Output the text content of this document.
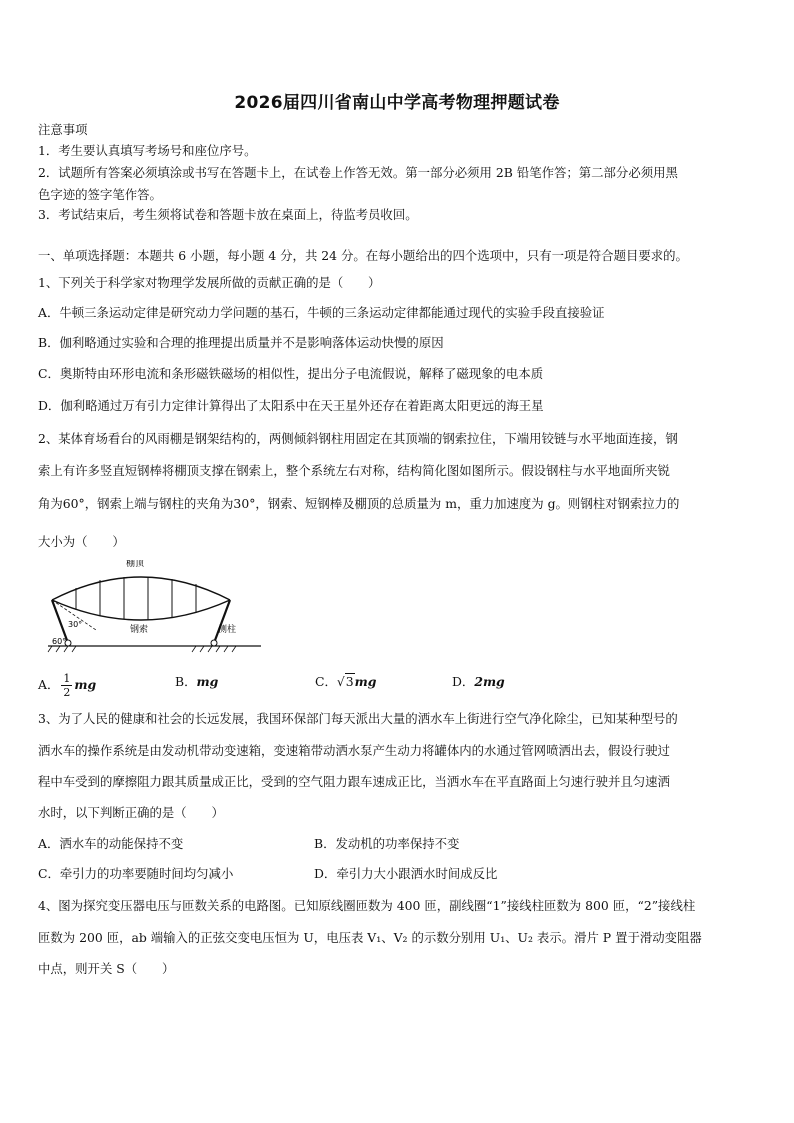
2026届四川省南山中学高考物理押题试卷
注意事项
1．考生要认真填写考场号和座位序号。
2．试题所有答案必须填涂或书写在答题卡上，在试卷上作答无效。第一部分必须用 2B 铅笔作答；第二部分必须用黑
色字迹的签字笔作答。
3．考试结束后，考生须将试卷和答题卡放在桌面上，待监考员收回。
一、单项选择题：本题共 6 小题，每小题 4 分，共 24 分。在每小题给出的四个选项中，只有一项是符合题目要求的。
1、下列关于科学家对物理学发展所做的贡献正确的是（　　）
A．牛顿三条运动定律是研究动力学问题的基石，牛顿的三条运动定律都能通过现代的实验手段直接验证
B．伽利略通过实验和合理的推理提出质量并不是影响落体运动快慢的原因
C．奥斯特由环形电流和条形磁铁磁场的相似性，提出分子电流假说，解释了磁现象的电本质
D．伽利略通过万有引力定律计算得出了太阳系中在天王星外还存在着距离太阳更远的海王星
2、某体育场看台的风雨棚是钢架结构的，两侧倾斜钢柱用固定在其顶端的钢索拉住，下端用铰链与水平地面连接，钢
索上有许多竖直短钢棒将棚顶支撑在钢索上，整个系统左右对称，结构简化图如图所示。假设钢柱与水平地面所夹锐
角为60°，钢索上端与钢柱的夹角为30°，钢索、短钢棒及棚顶的总质量为 m，重力加速度为 g。则钢柱对钢索拉力的
大小为（　　）
棚顶
钢索	侧柱
30°
60°
A． $\frac{1}{2}$ mg	B．mg	C．√3mg	D．2mg
3、为了人民的健康和社会的长远发展，我国环保部门每天派出大量的洒水车上街进行空气净化除尘，已知某种型号的
洒水车的操作系统是由发动机带动变速箱，变速箱带动洒水泵产生动力将罐体内的水通过管网喷洒出去，假设行驶过
程中车受到的摩擦阻力跟其质量成正比，受到的空气阻力跟车速成正比，当洒水车在平直路面上匀速行驶并且匀速洒
水时，以下判断正确的是（　　）
A．洒水车的动能保持不变	B．发动机的功率保持不变
C．牵引力的功率要随时间均匀减小	D．牵引力大小跟洒水时间成反比
4、图为探究变压器电压与匝数关系的电路图。已知原线圈匝数为 400 匝，副线圈“1”接线柱匝数为 800 匝，“2”接线柱
匝数为 200 匝，ab 端输入的正弦交变电压恒为 U，电压表 V₁、V₂ 的示数分别用 U₁、U₂ 表示。滑片 P 置于滑动变阻器
中点，则开关 S（　　）
